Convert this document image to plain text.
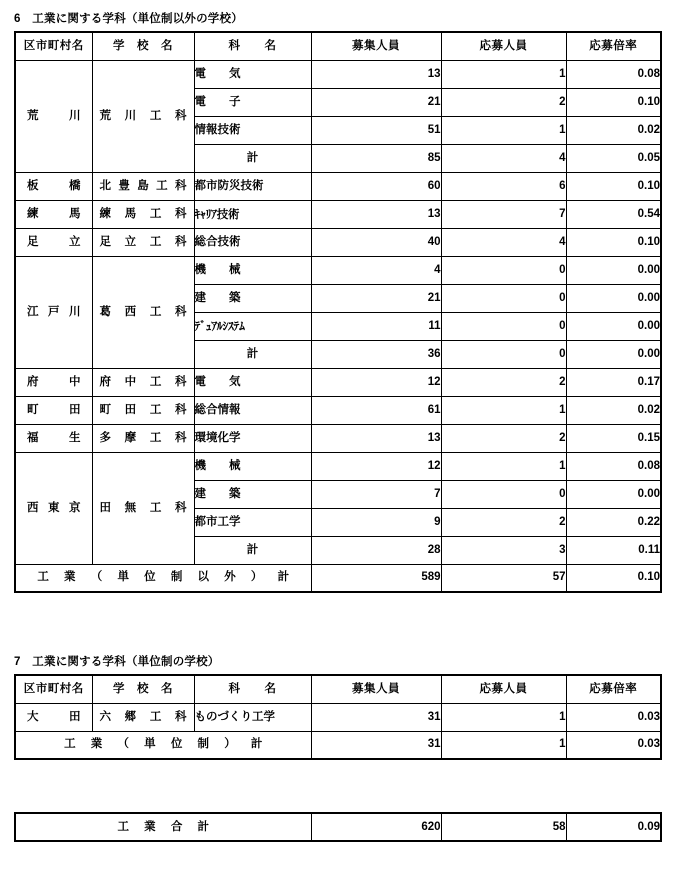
6　工業に関する学科（単位制以外の学校）
区市町村名	学　校　名	科　　名	募集人員	応募人員	応募倍率

荒川	荒川工科	電　　気	13	1	0.08
		電　　子	21	2	0.10
		情報技術	51	1	0.02
		計	85	4	0.05

板橋	北豊島工科	都市防災技術	60	6	0.10

練馬	練馬工科	ｷｬﾘｱ技術	13	7	0.54

足立	足立工科	総合技術	40	4	0.10

江戸川	葛西工科	機　　械	4	0	0.00
		建　　築	21	0	0.00
		ﾃﾞｭｱﾙｼｽﾃﾑ	11	0	0.00
		計	36	0	0.00

府中	府中工科	電　　気	12	2	0.17

町田	町田工科	総合情報	61	1	0.02

福生	多摩工科	環境化学	13	2	0.15

西東京	田無工科	機　　械	12	1	0.08
		建　　築	7	0	0.00
		都市工学	9	2	0.22
		計	28	3	0.11
工 業 （ 単 位 制 以 外 ） 計			589	57	0.10
7　工業に関する学科（単位制の学校）
区市町村名	学　校　名	科　　名	募集人員	応募人員	応募倍率

大田	六郷工科	ものづくり工学	31	1	0.03
工 業 （ 単 位 制 ） 計			31	1	0.03
工 業 合 計	620	58	0.09
